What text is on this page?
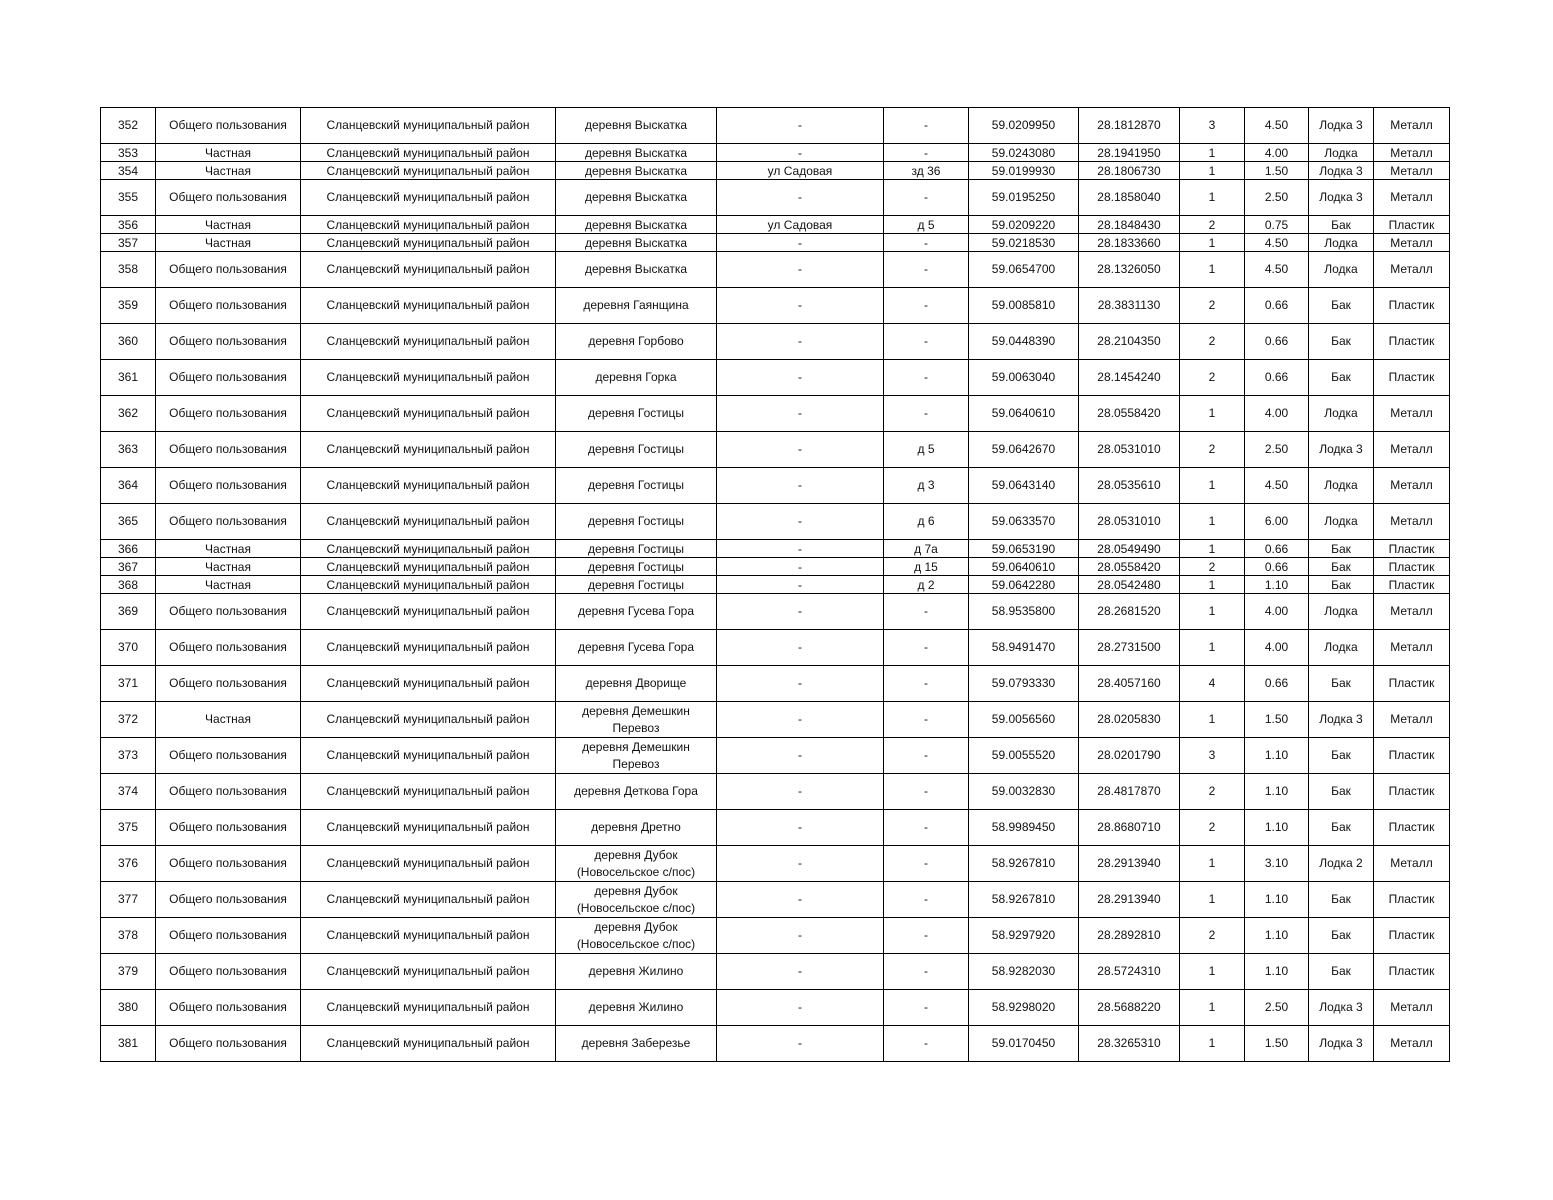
352	Общего пользования	Сланцевский муниципальный район	деревня Выскатка	-	-	59.0209950	28.1812870	3	4.50	Лодка 3	Металл
353	Частная	Сланцевский муниципальный район	деревня Выскатка	-	-	59.0243080	28.1941950	1	4.00	Лодка	Металл
354	Частная	Сланцевский муниципальный район	деревня Выскатка	ул Садовая	зд 36	59.0199930	28.1806730	1	1.50	Лодка 3	Металл
355	Общего пользования	Сланцевский муниципальный район	деревня Выскатка	-	-	59.0195250	28.1858040	1	2.50	Лодка 3	Металл
356	Частная	Сланцевский муниципальный район	деревня Выскатка	ул Садовая	д 5	59.0209220	28.1848430	2	0.75	Бак	Пластик
357	Частная	Сланцевский муниципальный район	деревня Выскатка	-	-	59.0218530	28.1833660	1	4.50	Лодка	Металл
358	Общего пользования	Сланцевский муниципальный район	деревня Выскатка	-	-	59.0654700	28.1326050	1	4.50	Лодка	Металл
359	Общего пользования	Сланцевский муниципальный район	деревня Гаянщина	-	-	59.0085810	28.3831130	2	0.66	Бак	Пластик
360	Общего пользования	Сланцевский муниципальный район	деревня Горбово	-	-	59.0448390	28.2104350	2	0.66	Бак	Пластик
361	Общего пользования	Сланцевский муниципальный район	деревня Горка	-	-	59.0063040	28.1454240	2	0.66	Бак	Пластик
362	Общего пользования	Сланцевский муниципальный район	деревня Гостицы	-	-	59.0640610	28.0558420	1	4.00	Лодка	Металл
363	Общего пользования	Сланцевский муниципальный район	деревня Гостицы	-	д 5	59.0642670	28.0531010	2	2.50	Лодка 3	Металл
364	Общего пользования	Сланцевский муниципальный район	деревня Гостицы	-	д 3	59.0643140	28.0535610	1	4.50	Лодка	Металл
365	Общего пользования	Сланцевский муниципальный район	деревня Гостицы	-	д 6	59.0633570	28.0531010	1	6.00	Лодка	Металл
366	Частная	Сланцевский муниципальный район	деревня Гостицы	-	д 7а	59.0653190	28.0549490	1	0.66	Бак	Пластик
367	Частная	Сланцевский муниципальный район	деревня Гостицы	-	д 15	59.0640610	28.0558420	2	0.66	Бак	Пластик
368	Частная	Сланцевский муниципальный район	деревня Гостицы	-	д 2	59.0642280	28.0542480	1	1.10	Бак	Пластик
369	Общего пользования	Сланцевский муниципальный район	деревня Гусева Гора	-	-	58.9535800	28.2681520	1	4.00	Лодка	Металл
370	Общего пользования	Сланцевский муниципальный район	деревня Гусева Гора	-	-	58.9491470	28.2731500	1	4.00	Лодка	Металл
371	Общего пользования	Сланцевский муниципальный район	деревня Дворище	-	-	59.0793330	28.4057160	4	0.66	Бак	Пластик
372	Частная	Сланцевский муниципальный район	деревня Демешкин Перевоз	-	-	59.0056560	28.0205830	1	1.50	Лодка 3	Металл
373	Общего пользования	Сланцевский муниципальный район	деревня Демешкин Перевоз	-	-	59.0055520	28.0201790	3	1.10	Бак	Пластик
374	Общего пользования	Сланцевский муниципальный район	деревня Деткова Гора	-	-	59.0032830	28.4817870	2	1.10	Бак	Пластик
375	Общего пользования	Сланцевский муниципальный район	деревня Дретно	-	-	58.9989450	28.8680710	2	1.10	Бак	Пластик
376	Общего пользования	Сланцевский муниципальный район	деревня Дубок (Новосельское с/пос)	-	-	58.9267810	28.2913940	1	3.10	Лодка 2	Металл
377	Общего пользования	Сланцевский муниципальный район	деревня Дубок (Новосельское с/пос)	-	-	58.9267810	28.2913940	1	1.10	Бак	Пластик
378	Общего пользования	Сланцевский муниципальный район	деревня Дубок (Новосельское с/пос)	-	-	58.9297920	28.2892810	2	1.10	Бак	Пластик
379	Общего пользования	Сланцевский муниципальный район	деревня Жилино	-	-	58.9282030	28.5724310	1	1.10	Бак	Пластик
380	Общего пользования	Сланцевский муниципальный район	деревня Жилино	-	-	58.9298020	28.5688220	1	2.50	Лодка 3	Металл
381	Общего пользования	Сланцевский муниципальный район	деревня Заберезье	-	-	59.0170450	28.3265310	1	1.50	Лодка 3	Металл
